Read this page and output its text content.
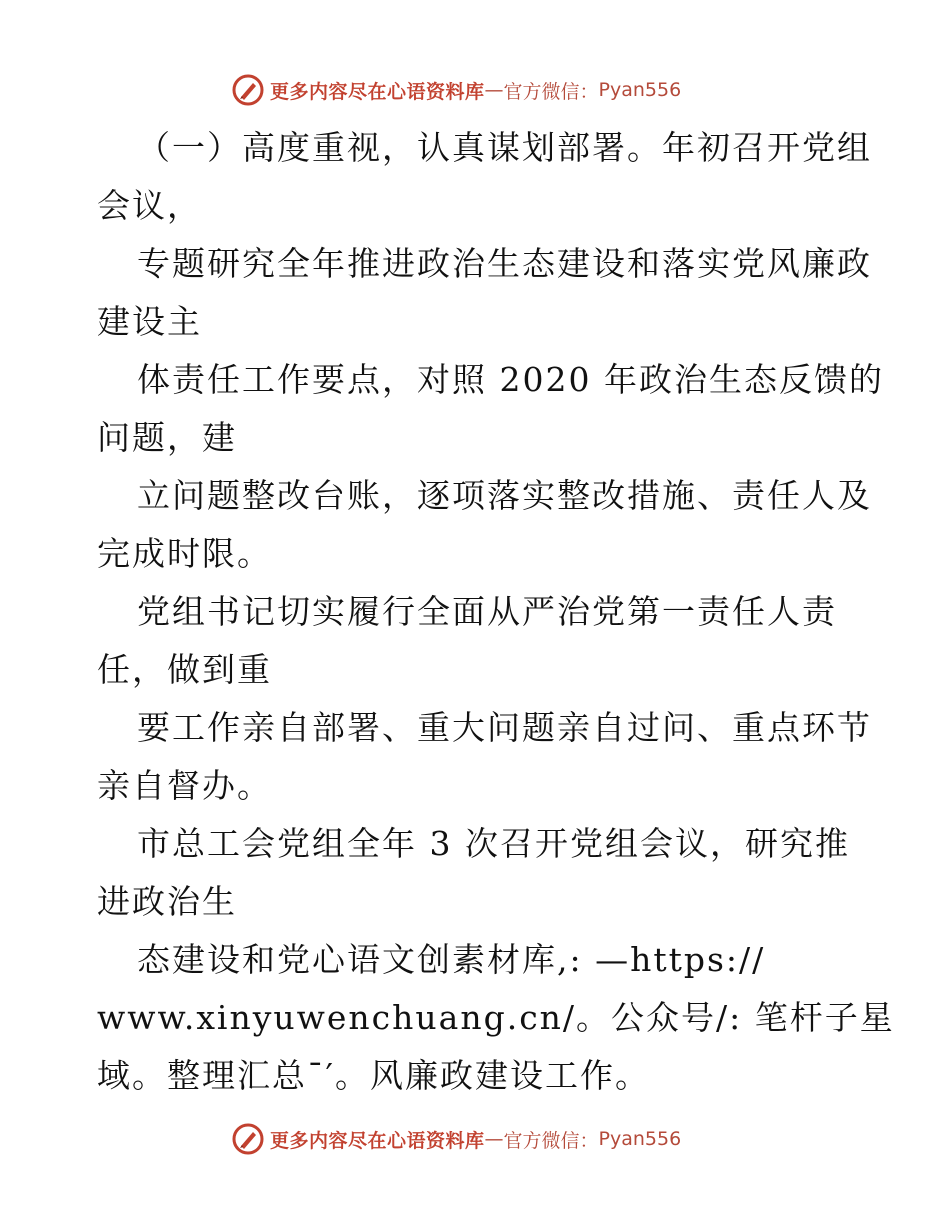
更多内容尽在心语资料库 — 官方微信： Pyan556
（一）高度重视，认真谋划部署。年初召开党组
会议，
专题研究全年推进政治生态建设和落实党风廉政
建设主
体责任工作要点，对照 2020 年政治生态反馈的
问题，建
立问题整改台账，逐项落实整改措施、责任人及
完成时限。
党组书记切实履行全面从严治党第一责任人责
任，做到重
要工作亲自部署、重大问题亲自过问、重点环节
亲自督办。
市总工会党组全年 3 次召开党组会议，研究推
进政治生
态建设和党心语文创素材库,: —https://
www.xinyuwenchuang.cn/。公众号/: 笔杆子星
域。整理汇总¯′。风廉政建设工作。
更多内容尽在心语资料库 — 官方微信： Pyan556
